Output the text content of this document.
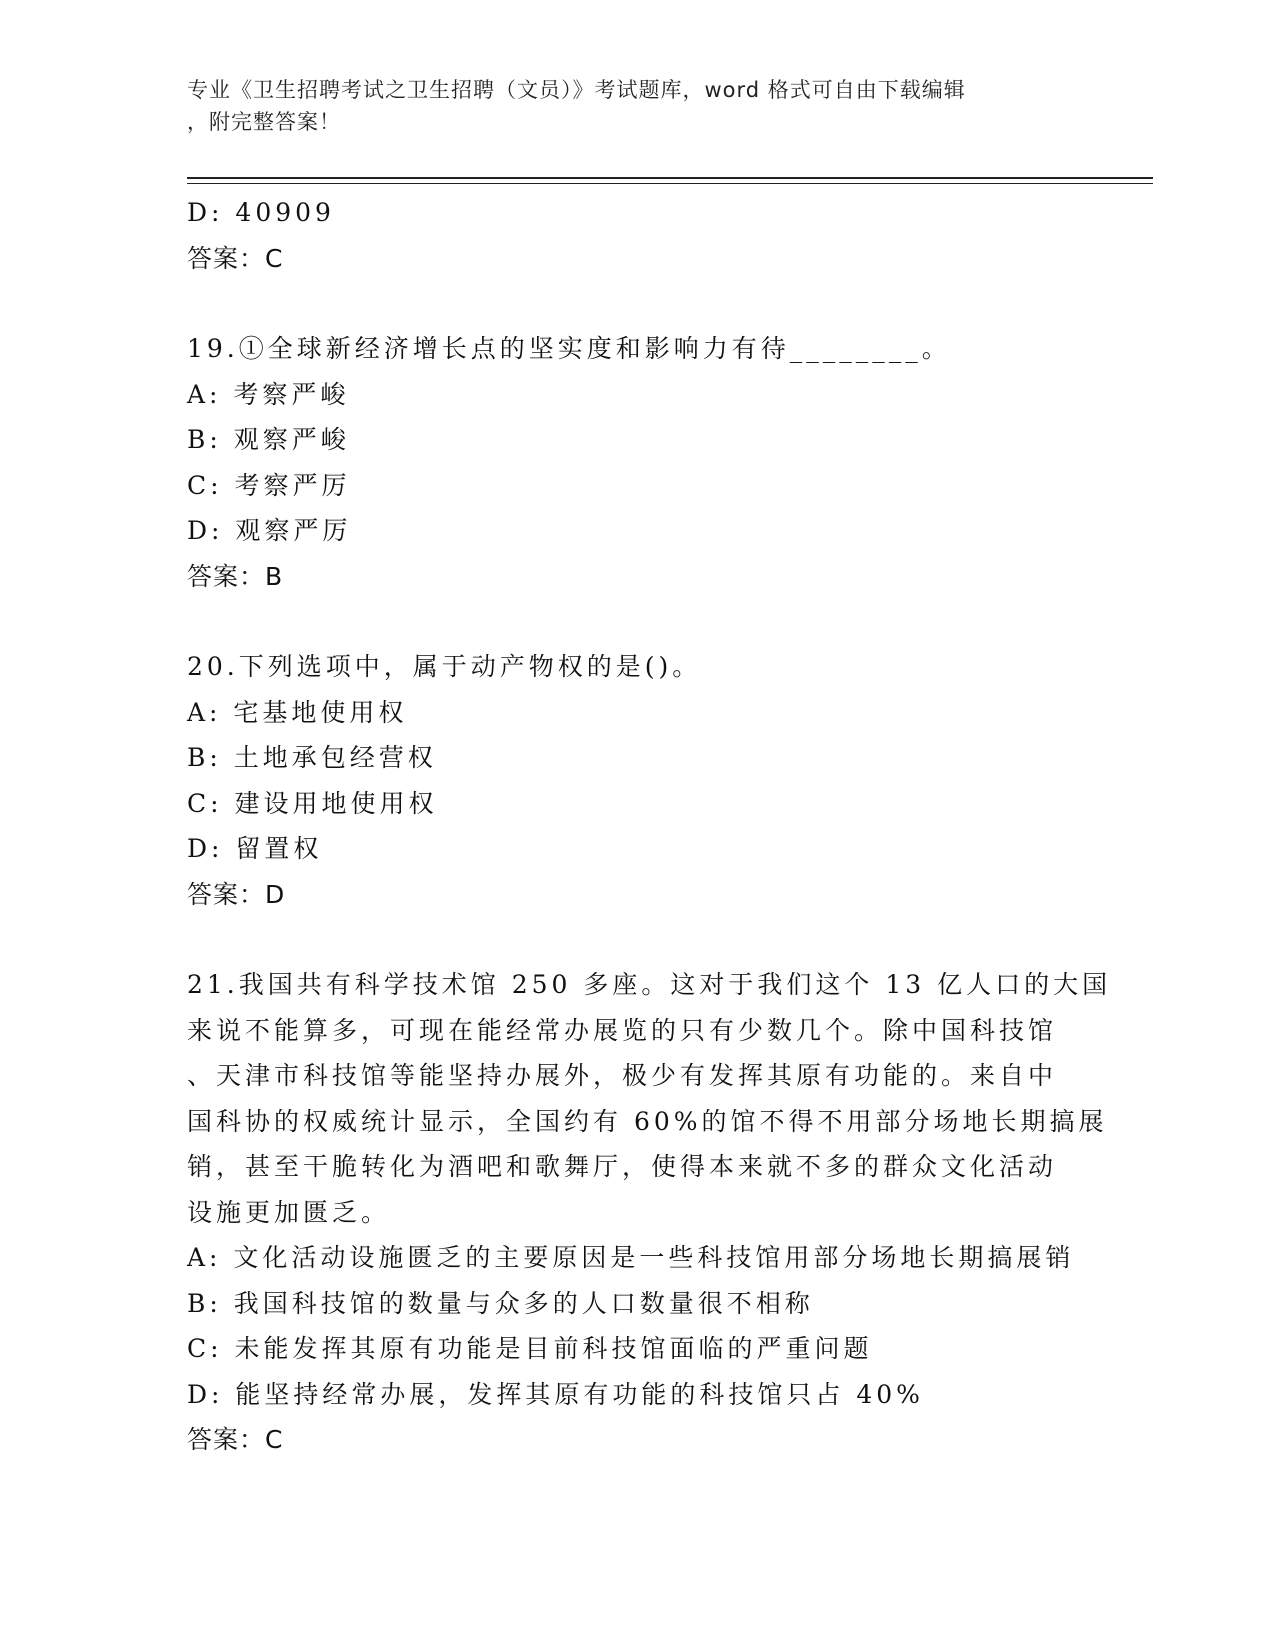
专业《卫生招聘考试之卫生招聘（文员）》考试题库，word 格式可自由下载编辑
，附完整答案！
D: 40909
答案：C
19.①全球新经济增长点的坚实度和影响力有待________。
A: 考察严峻
B: 观察严峻
C: 考察严厉
D: 观察严厉
答案：B
20.下列选项中，属于动产物权的是()。
A: 宅基地使用权
B: 土地承包经营权
C: 建设用地使用权
D: 留置权
答案：D
21.我国共有科学技术馆 250 多座。这对于我们这个 13 亿人口的大国
来说不能算多，可现在能经常办展览的只有少数几个。除中国科技馆
、天津市科技馆等能坚持办展外，极少有发挥其原有功能的。来自中
国科协的权威统计显示，全国约有 60%的馆不得不用部分场地长期搞展
销，甚至干脆转化为酒吧和歌舞厅，使得本来就不多的群众文化活动
设施更加匮乏。
A: 文化活动设施匮乏的主要原因是一些科技馆用部分场地长期搞展销
B: 我国科技馆的数量与众多的人口数量很不相称
C: 未能发挥其原有功能是目前科技馆面临的严重问题
D: 能坚持经常办展，发挥其原有功能的科技馆只占 40%
答案：C
